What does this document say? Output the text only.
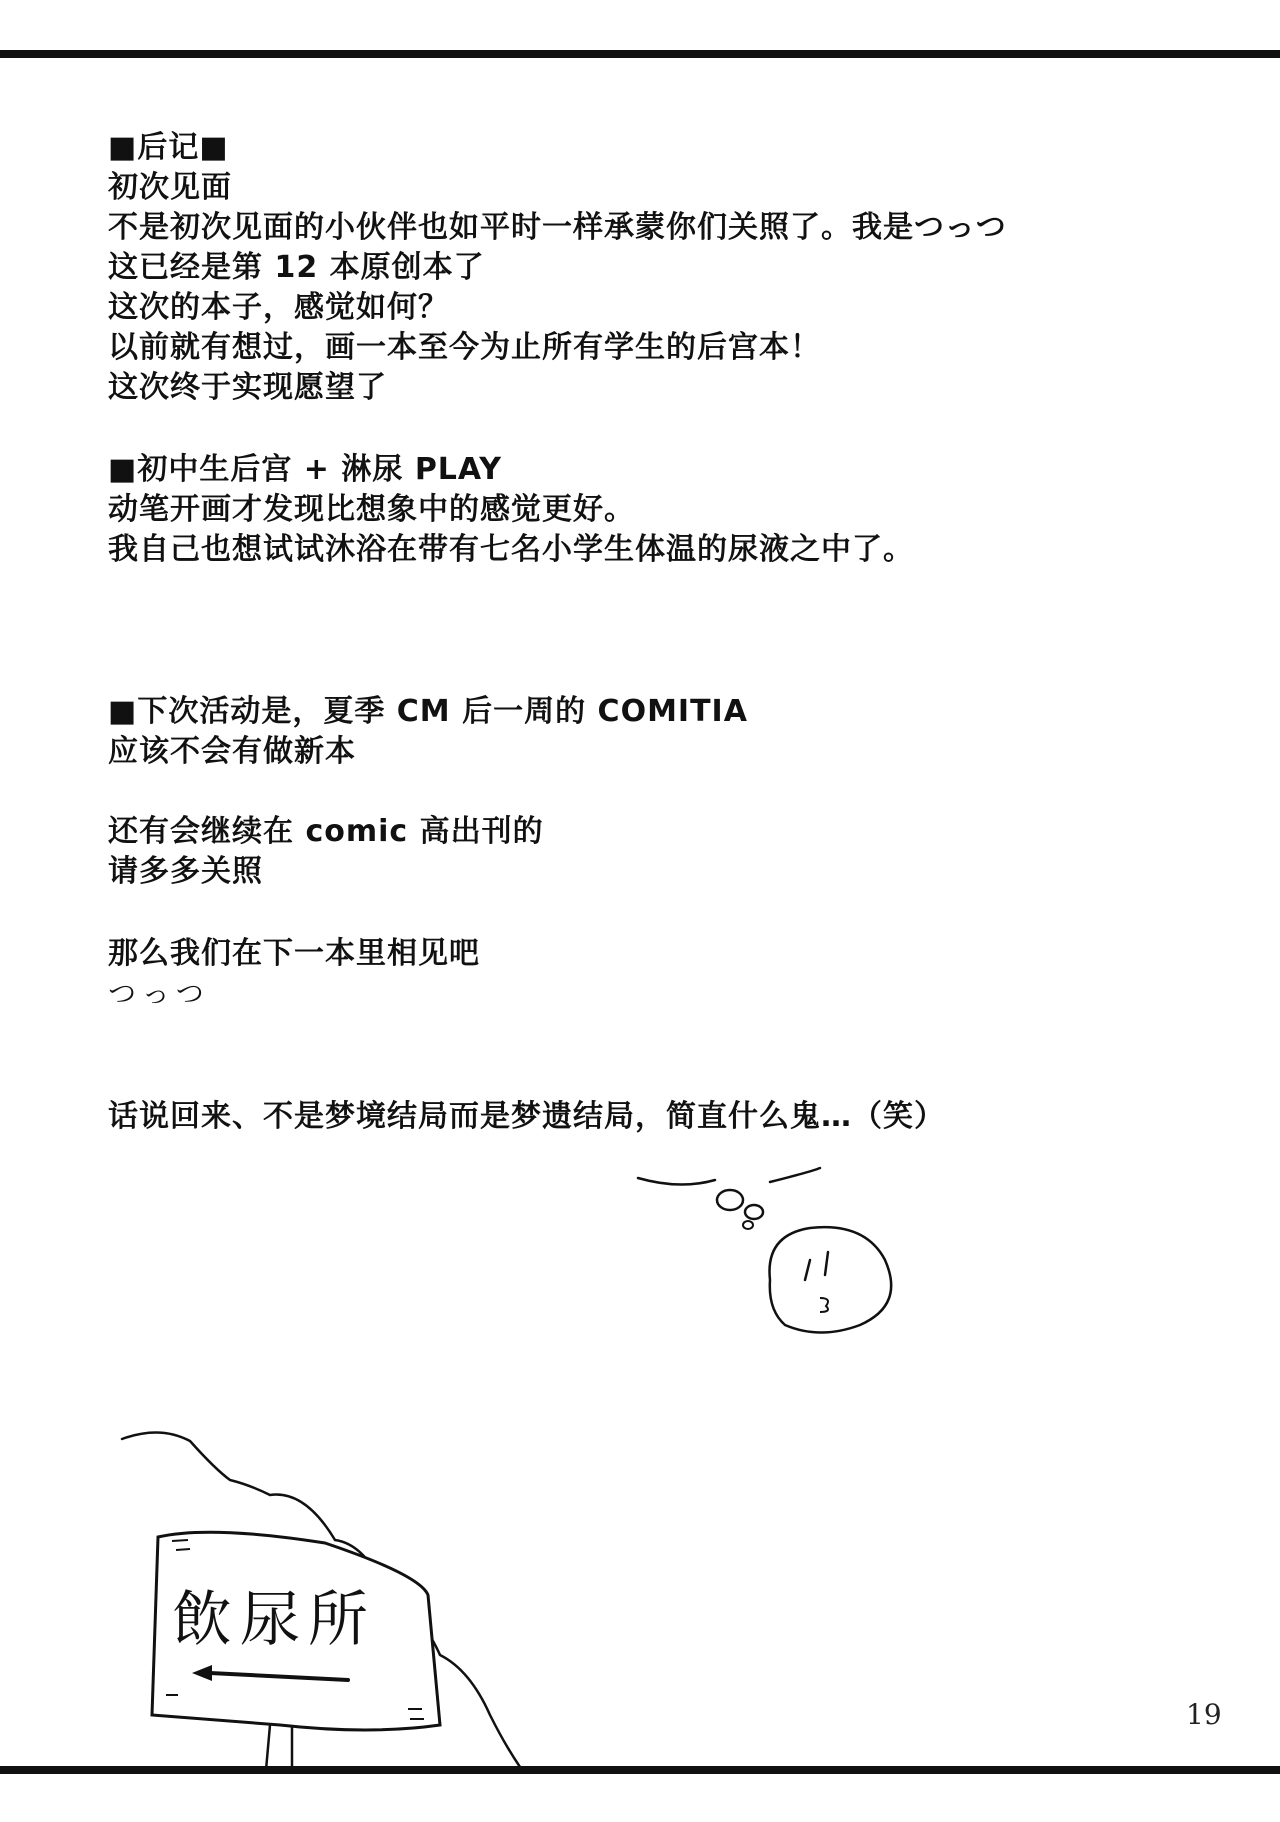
■后记■
初次见面
不是初次见面的小伙伴也如平时一样承蒙你们关照了。我是つっつ
这已经是第 12 本原创本了
这次的本子，感觉如何？
以前就有想过，画一本至今为止所有学生的后宫本！
这次终于实现愿望了
■初中生后宫 + 淋尿 PLAY
动笔开画才发现比想象中的感觉更好。
我自己也想试试沐浴在带有七名小学生体温的尿液之中了。
■下次活动是，夏季 CM 后一周的 COMITIA
应该不会有做新本
还有会继续在 comic 高出刊的
请多多关照
那么我们在下一本里相见吧
つっつ
话说回来、不是梦境结局而是梦遗结局，简直什么鬼…（笑）
飲尿所
19
